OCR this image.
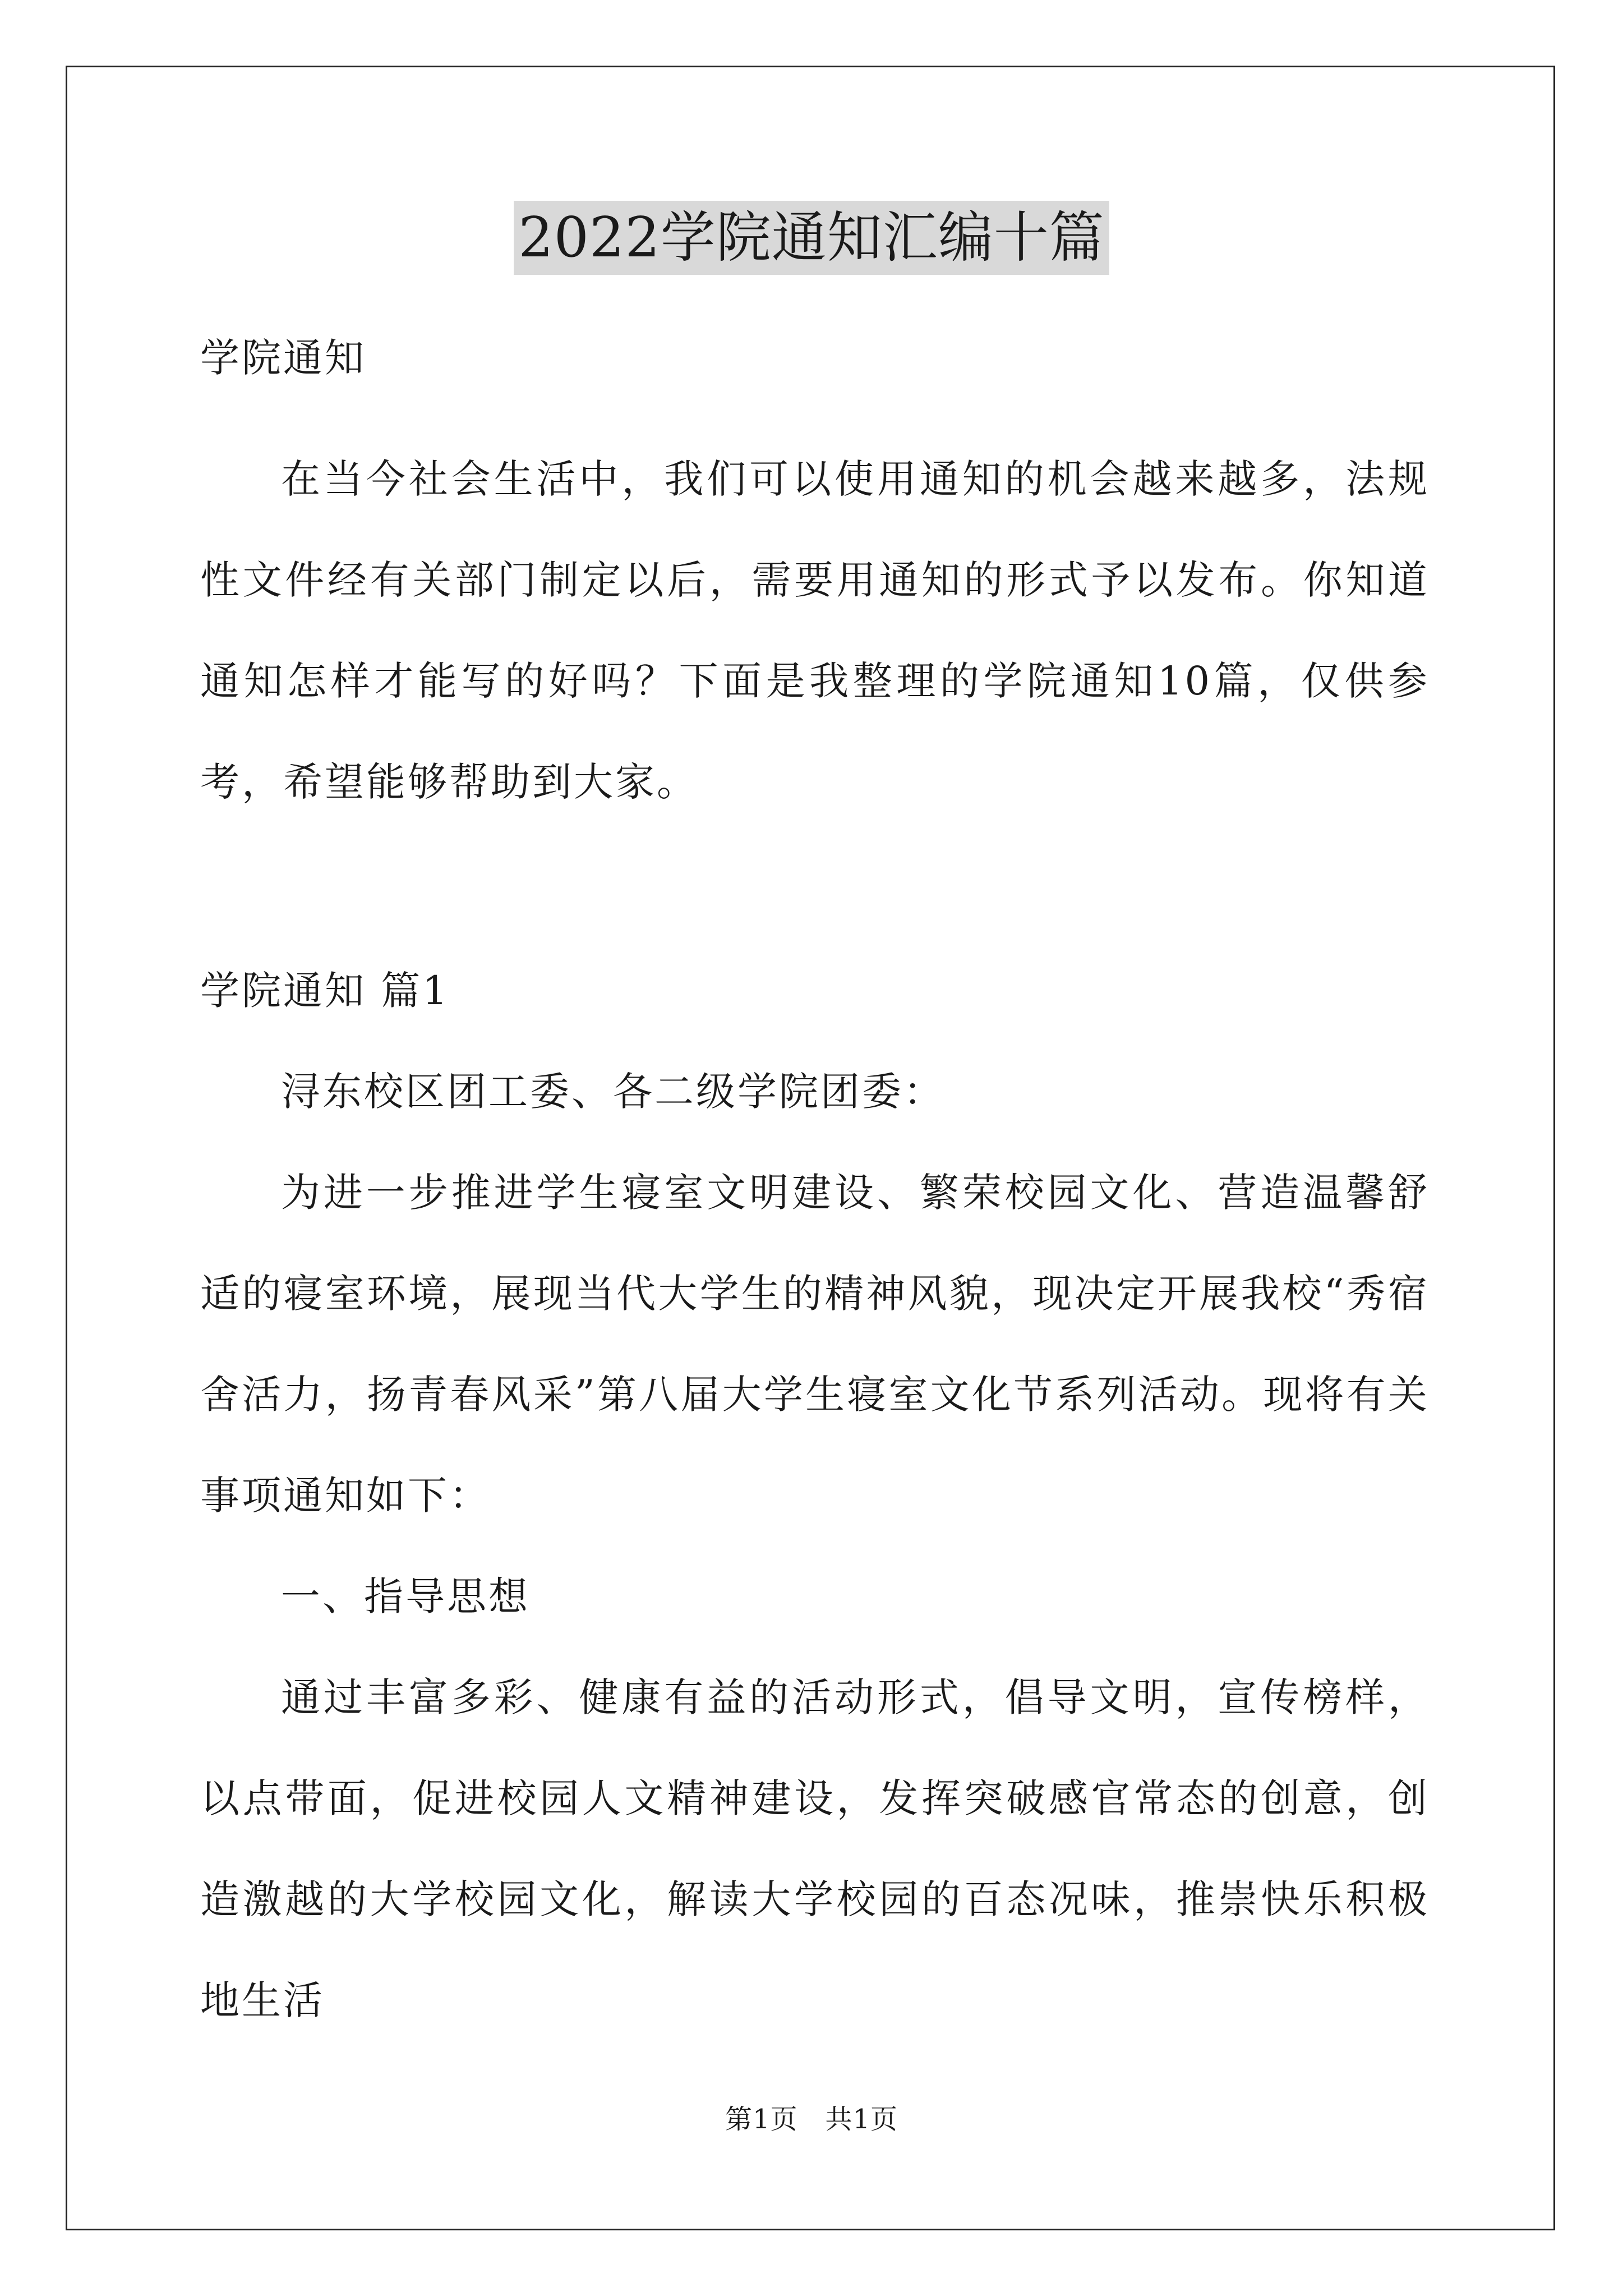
2022学院通知汇编十篇

学院通知

在当今社会生活中，我们可以使用通知的机会越来越多，法规性文件经有关部门制定以后，需要用通知的形式予以发布。你知道通知怎样才能写的好吗？下面是我整理的学院通知10篇，仅供参考，希望能够帮助到大家。

学院通知 篇1

浔东校区团工委、各二级学院团委：

为进一步推进学生寝室文明建设、繁荣校园文化、营造温馨舒适的寝室环境，展现当代大学生的精神风貌，现决定开展我校“秀宿舍活力，扬青春风采”第八届大学生寝室文化节系列活动。现将有关事项通知如下：

一、指导思想

通过丰富多彩、健康有益的活动形式，倡导文明，宣传榜样，以点带面，促进校园人文精神建设，发挥突破感官常态的创意，创造激越的大学校园文化，解读大学校园的百态况味，推崇快乐积极地生活

第1页　共1页
